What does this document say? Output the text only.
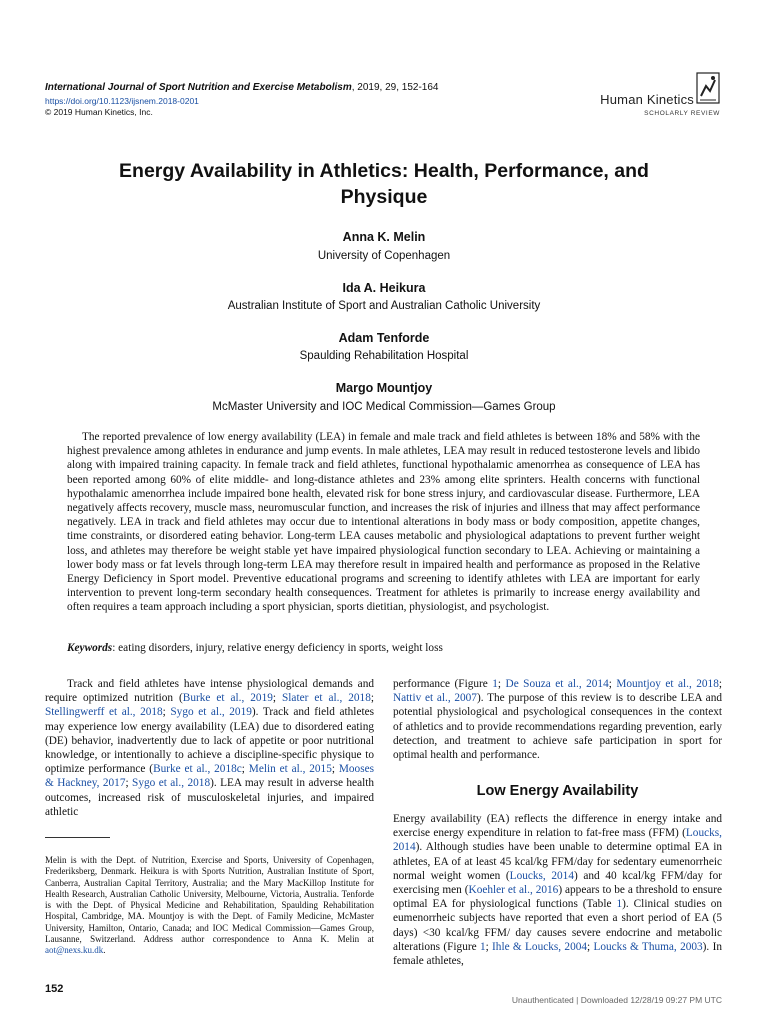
International Journal of Sport Nutrition and Exercise Metabolism, 2019, 29, 152-164
https://doi.org/10.1123/ijsnem.2018-0201
© 2019 Human Kinetics, Inc.
Human Kinetics
SCHOLARLY REVIEW
Energy Availability in Athletics: Health, Performance, and Physique
Anna K. Melin
University of Copenhagen
Ida A. Heikura
Australian Institute of Sport and Australian Catholic University
Adam Tenforde
Spaulding Rehabilitation Hospital
Margo Mountjoy
McMaster University and IOC Medical Commission—Games Group

The reported prevalence of low energy availability (LEA) in female and male track and field athletes is between 18% and 58% with the highest prevalence among athletes in endurance and jump events. In male athletes, LEA may result in reduced testosterone levels and libido along with impaired training capacity. In female track and field athletes, functional hypothalamic amenorrhea as consequence of LEA has been reported among 60% of elite middle- and long-distance athletes and 23% among elite sprinters. Health concerns with functional hypothalamic amenorrhea include impaired bone health, elevated risk for bone stress injury, and cardiovascular disease. Furthermore, LEA negatively affects recovery, muscle mass, neuromuscular function, and increases the risk of injuries and illness that may affect performance negatively. LEA in track and field athletes may occur due to intentional alterations in body mass or body composition, appetite changes, time constraints, or disordered eating behavior. Long-term LEA causes metabolic and physiological adaptations to prevent further weight loss, and athletes may therefore be weight stable yet have impaired physiological function secondary to LEA. Achieving or maintaining a lower body mass or fat levels through long-term LEA may therefore result in impaired health and performance as proposed in the Relative Energy Deficiency in Sport model. Preventive educational programs and screening to identify athletes with LEA are important for early intervention to prevent long-term secondary health consequences. Treatment for athletes is primarily to increase energy availability and often requires a team approach including a sport physician, sports dietitian, physiologist, and psychologist.

Keywords: eating disorders, injury, relative energy deficiency in sports, weight loss

Track and field athletes have intense physiological demands and require optimized nutrition (Burke et al., 2019; Slater et al., 2018; Stellingwerff et al., 2018; Sygo et al., 2019). Track and field athletes may experience low energy availability (LEA) due to disordered eating (DE) behavior, inadvertently due to lack of appetite or poor nutritional knowledge, or intentionally to achieve a discipline-specific physique to optimize performance (Burke et al., 2018c; Melin et al., 2015; Mooses & Hackney, 2017; Sygo et al., 2018). LEA may result in adverse health outcomes, increased risk of musculoskeletal injuries, and impaired athletic

performance (Figure 1; De Souza et al., 2014; Mountjoy et al., 2018; Nattiv et al., 2007). The purpose of this review is to describe LEA and potential physiological and psychological consequences in the context of athletics and to provide recommendations regarding prevention, early detection, and treatment to achieve safe participation in sport for optimal health and performance.

Low Energy Availability

Energy availability (EA) reflects the difference in energy intake and exercise energy expenditure in relation to fat-free mass (FFM) (Loucks, 2014). Although studies have been unable to determine optimal EA in athletes, EA of at least 45 kcal/kg FFM/day for sedentary eumenorrheic normal weight women (Loucks, 2014) and 40 kcal/kg FFM/day for exercising men (Koehler et al., 2016) appears to be a threshold to ensure optimal EA for physiological functions (Table 1). Clinical studies on eumenorrheic subjects have reported that even a short period of EA (5 days) <30 kcal/kg FFM/ day causes severe endocrine and metabolic alterations (Figure 1; Ihle & Loucks, 2004; Loucks & Thuma, 2003). In female athletes,

Melin is with the Dept. of Nutrition, Exercise and Sports, University of Copenhagen, Frederiksberg, Denmark. Heikura is with Sports Nutrition, Australian Institute of Sport, Canberra, Australian Capital Territory, Australia; and the Mary MacKillop Institute for Health Research, Australian Catholic University, Melbourne, Victoria, Australia. Tenforde is with the Dept. of Physical Medicine and Rehabilitation, Spaulding Rehabilitation Hospital, Cambridge, MA. Mountjoy is with the Dept. of Family Medicine, McMaster University, Hamilton, Ontario, Canada; and IOC Medical Commission—Games Group, Lausanne, Switzerland. Address author correspondence to Anna K. Melin at aot@nexs.ku.dk.

152
Unauthenticated | Downloaded 12/28/19 09:27 PM UTC
